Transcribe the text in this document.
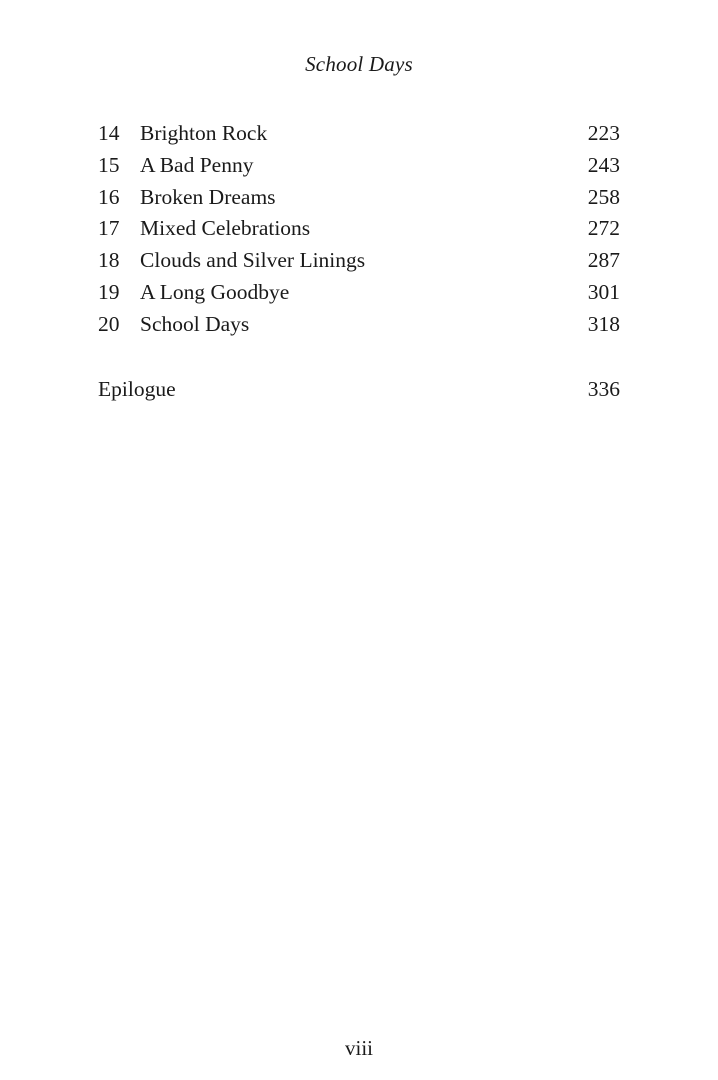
School Days
14 Brighton Rock	223
15 A Bad Penny	243
16 Broken Dreams	258
17 Mixed Celebrations	272
18 Clouds and Silver Linings	287
19 A Long Goodbye	301
20 School Days	318
Epilogue	336
viii
